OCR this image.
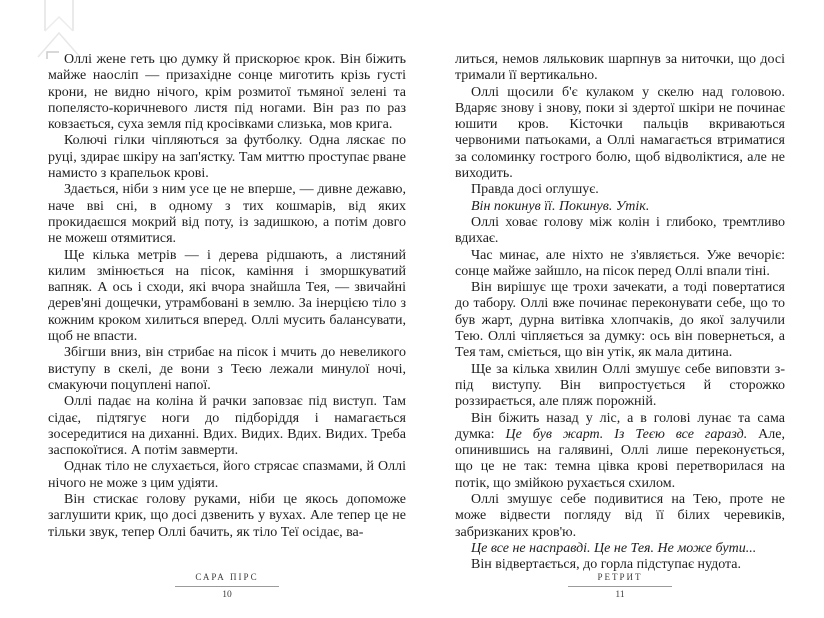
Оллі жене геть цю думку й прискорює крок. Він біжить майже наосліп — призахідне сонце миготить крізь густі крони, не видно нічого, крім розмитої тьмяної зелені та попелясто-коричневого листя під ногами. Він раз по раз ковзається, суха земля під кросівками слизька, мов крига.

Колючі гілки чіпляються за футболку. Одна ляскає по руці, здирає шкіру на зап'ястку. Там миттю проступає рване намисто з крапельок крові.

Здається, ніби з ним усе це не вперше, — дивне дежавю, наче вві сні, в одному з тих кошмарів, від яких прокидаєшся мокрий від поту, із задишкою, а потім довго не можеш отямитися.

Ще кілька метрів — і дерева рідшають, а листяний килим змінюється на пісок, каміння і зморшкуватий вапняк. А ось і сходи, які вчора знайшла Тея, — звичайні дерев'яні дощечки, утрамбовані в землю. За інерцією тіло з кожним кроком хилиться вперед. Оллі мусить балансувати, щоб не впасти.

Збігши вниз, він стрибає на пісок і мчить до невеликого виступу в скелі, де вони з Теєю лежали минулої ночі, смакуючи поцуплені напої.

Оллі падає на коліна й рачки заповзає під виступ. Там сідає, підтягує ноги до підборіддя і намагається зосередитися на диханні. Вдих. Видих. Вдих. Видих. Треба заспокоїтися. А потім завмерти.

Однак тіло не слухається, його стрясає спазмами, й Оллі нічого не може з цим удіяти.

Він стискає голову руками, ніби це якось допоможе заглушити крик, що досі дзвенить у вухах. Але тепер це не тільки звук, тепер Оллі бачить, як тіло Теї осідає, ва-

литься, немов ляльковик шарпнув за ниточки, що досі тримали її вертикально.

Оллі щосили б'є кулаком у скелю над головою. Вдаряє знову і знову, поки зі здертої шкіри не починає юшити кров. Кісточки пальців вкриваються червоними патьоками, а Оллі намагається втриматися за соломинку гострого болю, щоб відволіктися, але не виходить.

Правда досі оглушує.

Він покинув її. Покинув. Утік.

Оллі ховає голову між колін і глибоко, тремтливо вдихає.

Час минає, але ніхто не з'являється. Уже вечоріє: сонце майже зайшло, на пісок перед Оллі впали тіні.

Він вирішує ще трохи зачекати, а тоді повертатися до табору. Оллі вже починає переконувати себе, що то був жарт, дурна витівка хлопчаків, до якої залучили Тею. Оллі чіпляється за думку: ось він повернеться, а Тея там, сміється, що він утік, як мала дитина.

Ще за кілька хвилин Оллі змушує себе виповзти з-під виступу. Він випростується й сторожко роззирається, але пляж порожній.

Він біжить назад у ліс, а в голові лунає та сама думка: Це був жарт. Із Теєю все гаразд. Але, опинившись на галявині, Оллі лише переконується, що це не так: темна цівка крові перетворилася на потік, що змійкою рухається схилом.

Оллі змушує себе подивитися на Тею, проте не може відвести погляду від її білих черевиків, забризканих кров'ю.

Це все не насправді. Це не Тея. Не може бути...

Він відвертається, до горла підступає нудота.

САРА ПІРС
10
РЕТРИТ
11
